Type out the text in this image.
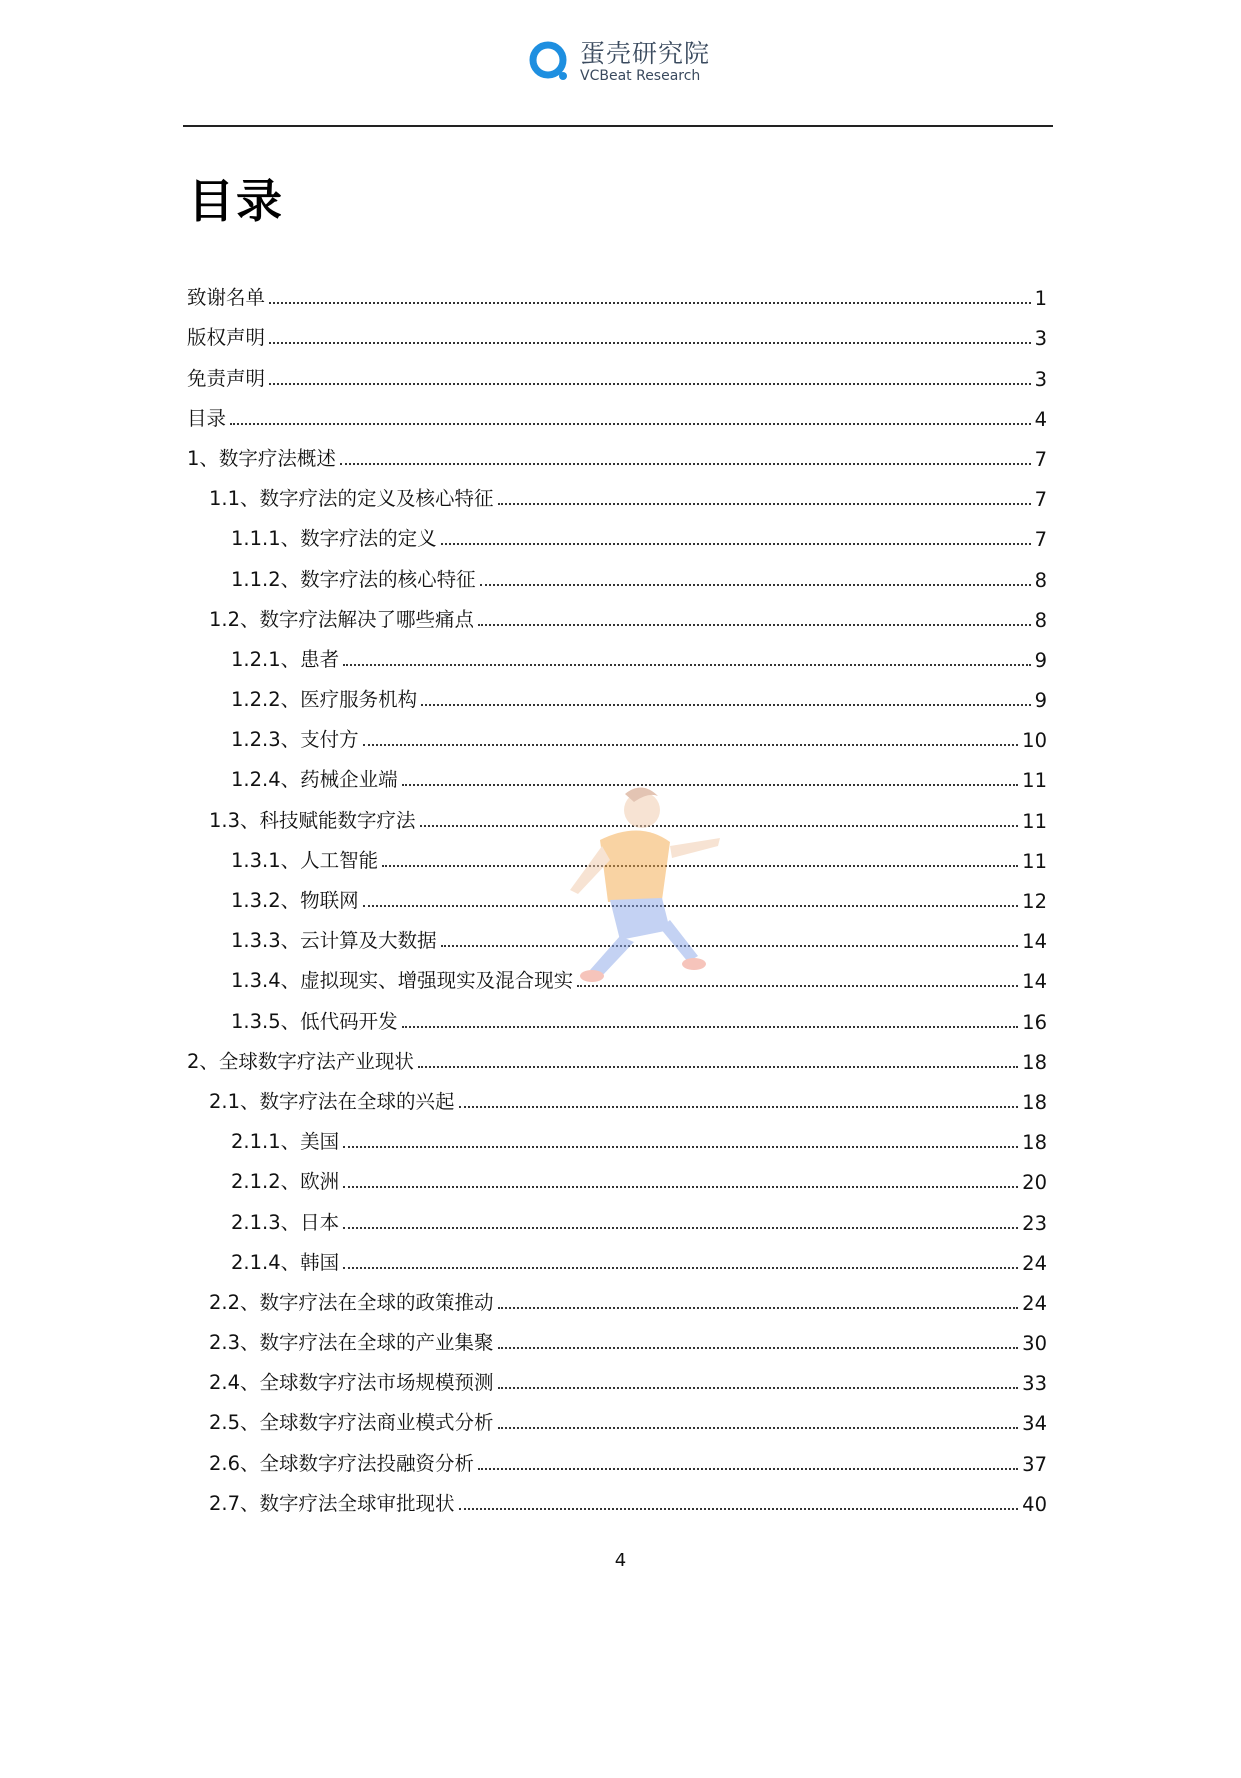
蛋壳研究院
VCBeat Research
目录
致谢名单	1
版权声明	3
免责声明	3
目录	4
1、数字疗法概述	7
1.1、数字疗法的定义及核心特征	7
1.1.1、数字疗法的定义	7
1.1.2、数字疗法的核心特征	8
1.2、数字疗法解决了哪些痛点	8
1.2.1、患者	9
1.2.2、医疗服务机构	9
1.2.3、支付方	10
1.2.4、药械企业端	11
1.3、科技赋能数字疗法	11
1.3.1、人工智能	11
1.3.2、物联网	12
1.3.3、云计算及大数据	14
1.3.4、虚拟现实、增强现实及混合现实	14
1.3.5、低代码开发	16
2、全球数字疗法产业现状	18
2.1、数字疗法在全球的兴起	18
2.1.1、美国	18
2.1.2、欧洲	20
2.1.3、日本	23
2.1.4、韩国	24
2.2、数字疗法在全球的政策推动	24
2.3、数字疗法在全球的产业集聚	30
2.4、全球数字疗法市场规模预测	33
2.5、全球数字疗法商业模式分析	34
2.6、全球数字疗法投融资分析	37
2.7、数字疗法全球审批现状	40
4
